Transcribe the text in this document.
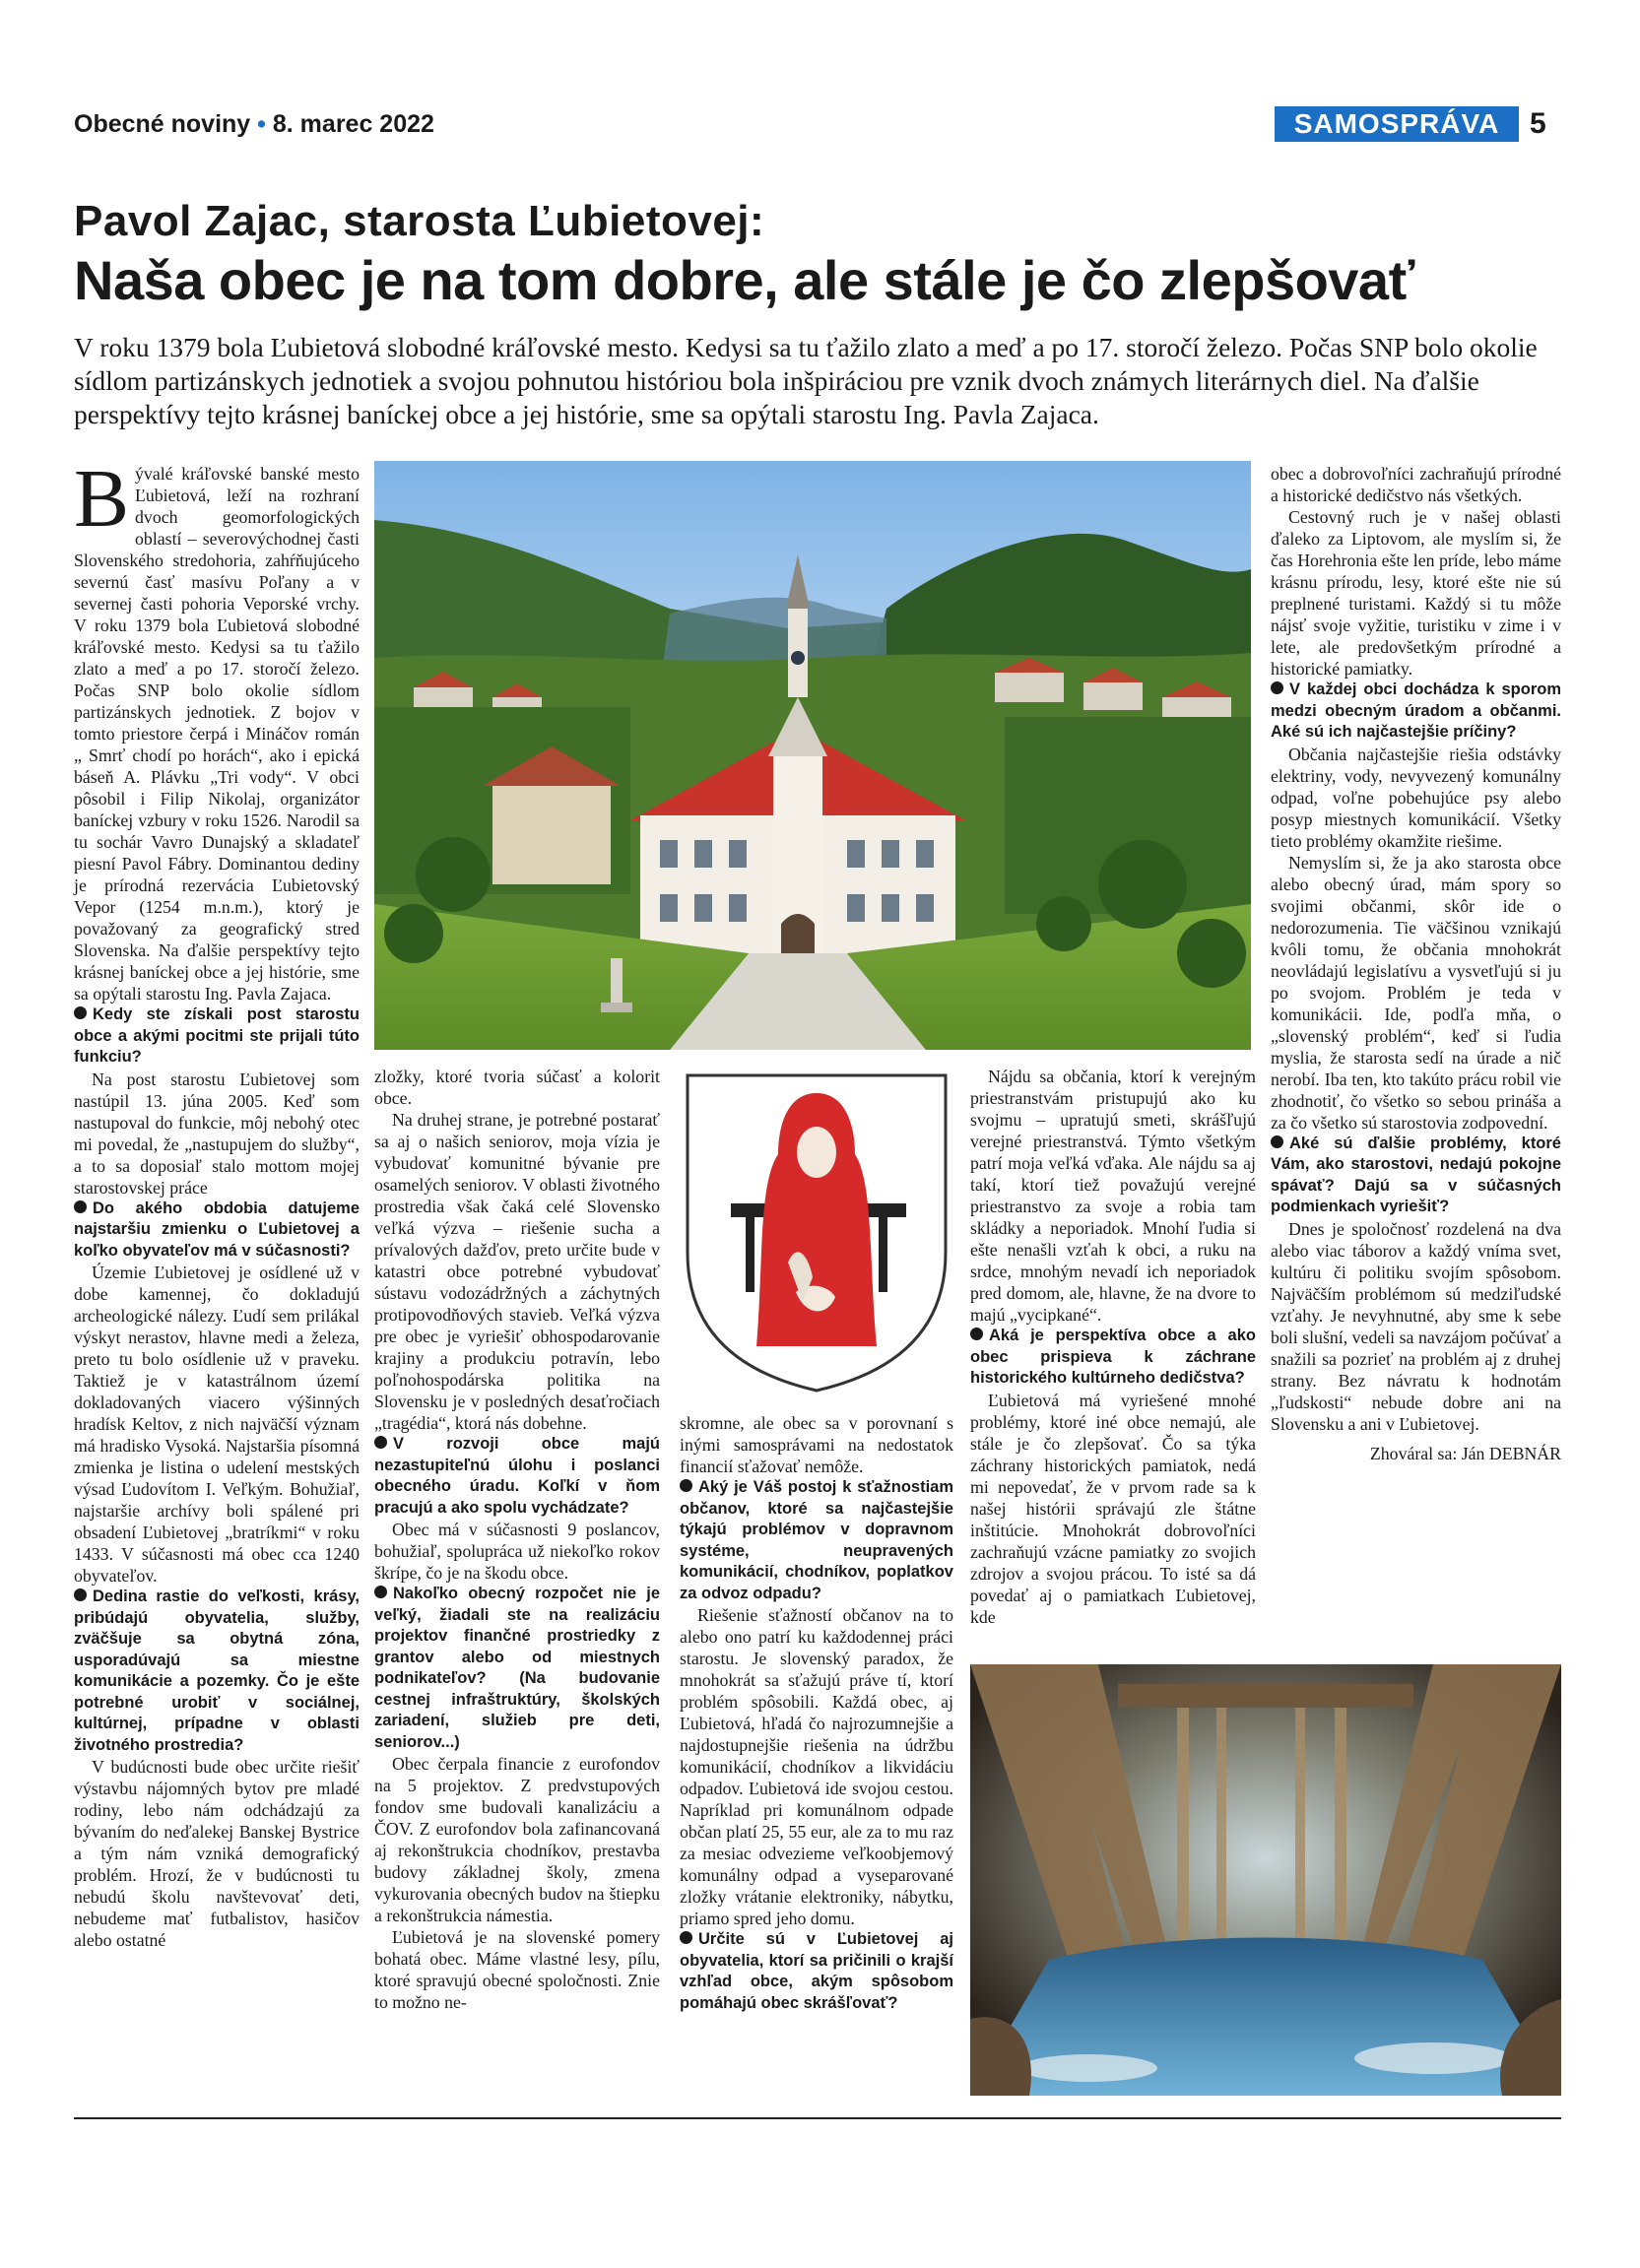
Obecné noviny • 8. marec 2022	SAMOSPRÁVA	5
Pavol Zajac, starosta Ľubietovej:
Naša obec je na tom dobre, ale stále je čo zlepšovať
V roku 1379 bola Ľubietová slobodné kráľovské mesto. Kedysi sa tu ťažilo zlato a meď a po 17. storočí železo. Počas SNP bolo okolie sídlom partizánskych jednotiek a svojou pohnutou históriou bola inšpiráciou pre vznik dvoch známych literárnych diel. Na ďalšie perspektívy tejto krásnej baníckej obce a jej histórie, sme sa opýtali starostu Ing. Pavla Zajaca.

Bývalé kráľovské banské mesto Ľubietová, leží na rozhraní dvoch geomorfologických oblastí – severovýchodnej časti Slovenského stredohoria, zahŕňujúceho severnú časť masívu Poľany a v severnej časti pohoria Veporské vrchy. V roku 1379 bola Ľubietová slobodné kráľovské mesto. Kedysi sa tu ťažilo zlato a meď a po 17. storočí železo. Počas SNP bolo okolie sídlom partizánskych jednotiek. Z bojov v tomto priestore čerpá i Mináčov román „ Smrť chodí po horách“, ako i epická báseň A. Plávku „Tri vody“. V obci pôsobil i Filip Nikolaj, organizátor baníckej vzbury v roku 1526. Narodil sa tu sochár Vavro Dunajský a skladateľ piesní Pavol Fábry. Dominantou dediny je prírodná rezervácia Ľubietovský Vepor (1254 m.n.m.), ktorý je považovaný za geografický stred Slovenska. Na ďalšie perspektívy tejto krásnej baníckej obce a jej histórie, sme sa opýtali starostu Ing. Pavla Zajaca.

Kedy ste získali post starostu obce a akými pocitmi ste prijali túto funkciu?

Na post starostu Ľubietovej som nastúpil 13. júna 2005. Keď som nastupoval do funkcie, môj nebohý otec mi povedal, že „nastupujem do služby“, a to sa doposiaľ stalo mottom mojej starostovskej práce

Do akého obdobia datujeme najstaršiu zmienku o Ľubietovej a koľko obyvateľov má v súčasnosti?

Územie Ľubietovej je osídlené už v dobe kamennej, čo dokladujú archeologické nálezy. Ľudí sem prilákal výskyt nerastov, hlavne medi a železa, preto tu bolo osídlenie už v praveku. Taktiež je v katastrálnom území dokladovaných viacero výšinných hradísk Keltov, z nich najväčší význam má hradisko Vysoká. Najstaršia písomná zmienka je listina o udelení mestských výsad Ľudovítom I. Veľkým. Bohužiaľ, najstaršie archívy boli spálené pri obsadení Ľubietovej „bratríkmi“ v roku 1433. V súčasnosti má obec cca 1240 obyvateľov.

Dedina rastie do veľkosti, krásy, pribúdajú obyvatelia, služby, zväčšuje sa obytná zóna, usporadúvajú sa miestne komunikácie a pozemky. Čo je ešte potrebné urobiť v sociálnej, kultúrnej, prípadne v oblasti životného prostredia?

V budúcnosti bude obec určite riešiť výstavbu nájomných bytov pre mladé rodiny, lebo nám odchádzajú za bývaním do neďalekej Banskej Bystrice a tým nám vzniká demografický problém. Hrozí, že v budúcnosti tu nebudú školu navštevovať deti, nebudeme mať futbalistov, hasičov alebo ostatné

zložky, ktoré tvoria súčasť a kolorit obce.

Na druhej strane, je potrebné postarať sa aj o našich seniorov, moja vízia je vybudovať komunitné bývanie pre osamelých seniorov. V oblasti životného prostredia však čaká celé Slovensko veľká výzva – riešenie sucha a prívalových dažďov, preto určite bude v katastri obce potrebné vybudovať sústavu vodozádržných a záchytných protipovodňových stavieb. Veľká výzva pre obec je vyriešiť obhospodarovanie krajiny a produkciu potravín, lebo poľnohospodárska politika na Slovensku je v posledných desaťročiach „tragédia“, ktorá nás dobehne.

V rozvoji obce majú nezastupiteľnú úlohu i poslanci obecného úradu. Koľkí v ňom pracujú a ako spolu vychádzate?

Obec má v súčasnosti 9 poslancov, bohužiaľ, spolupráca už niekoľko rokov škrípe, čo je na škodu obce.

Nakoľko obecný rozpočet nie je veľký, žiadali ste na realizáciu projektov finančné prostriedky z grantov alebo od miestnych podnikateľov? (Na budovanie cestnej infraštruktúry, školských zariadení, služieb pre deti, seniorov...)

Obec čerpala financie z eurofondov na 5 projektov. Z predvstupových fondov sme budovali kanalizáciu a ČOV. Z eurofondov bola zafinancovaná aj rekonštrukcia chodníkov, prestavba budovy základnej školy, zmena vykurovania obecných budov na štiepku a rekonštrukcia námestia.

Ľubietová je na slovenské pomery bohatá obec. Máme vlastné lesy, pílu, ktoré spravujú obecné spoločnosti. Znie to možno ne-

skromne, ale obec sa v porovnaní s inými samosprávami na nedostatok financií sťažovať nemôže.

Aký je Váš postoj k sťažnostiam občanov, ktoré sa najčastejšie týkajú problémov v dopravnom systéme, neupravených komunikácií, chodníkov, poplatkov za odvoz odpadu?

Riešenie sťažností občanov na to alebo ono patrí ku každodennej práci starostu. Je slovenský paradox, že mnohokrát sa sťažujú práve tí, ktorí problém spôsobili. Každá obec, aj Ľubietová, hľadá čo najrozumnejšie a najdostupnejšie riešenia na údržbu komunikácií, chodníkov a likvidáciu odpadov. Ľubietová ide svojou cestou. Napríklad pri komunálnom odpade občan platí 25, 55 eur, ale za to mu raz za mesiac odvezieme veľkoobjemový komunálny odpad a vyseparované zložky vrátanie elektroniky, nábytku, priamo spred jeho domu.

Určite sú v Ľubietovej aj obyvatelia, ktorí sa pričinili o krajší vzhľad obce, akým spôsobom pomáhajú obec skrášľovať?

Nájdu sa občania, ktorí k verejným priestranstvám pristupujú ako ku svojmu – upratujú smeti, skrášľujú verejné priestranstvá. Týmto všetkým patrí moja veľká vďaka. Ale nájdu sa aj takí, ktorí tiež považujú verejné priestranstvo za svoje a robia tam skládky a neporiadok. Mnohí ľudia si ešte nenašli vzťah k obci, a ruku na srdce, mnohým nevadí ich neporiadok pred domom, ale, hlavne, že na dvore to majú „vycipkané“.

Aká je perspektíva obce a ako obec prispieva k záchrane historického kultúrneho dedičstva?

Ľubietová má vyriešené mnohé problémy, ktoré iné obce nemajú, ale stále je čo zlepšovať. Čo sa týka záchrany historických pamiatok, nedá mi nepovedať, že v prvom rade sa k našej histórii správajú zle štátne inštitúcie. Mnohokrát dobrovoľníci zachraňujú vzácne pamiatky zo svojich zdrojov a svojou prácou. To isté sa dá povedať aj o pamiatkach Ľubietovej, kde

obec a dobrovoľníci zachraňujú prírodné a historické dedičstvo nás všetkých.

Cestovný ruch je v našej oblasti ďaleko za Liptovom, ale myslím si, že čas Horehronia ešte len príde, lebo máme krásnu prírodu, lesy, ktoré ešte nie sú preplnené turistami. Každý si tu môže nájsť svoje vyžitie, turistiku v zime i v lete, ale predovšetkým prírodné a historické pamiatky.

V každej obci dochádza k sporom medzi obecným úradom a občanmi. Aké sú ich najčastejšie príčiny?

Občania najčastejšie riešia odstávky elektriny, vody, nevyvezený komunálny odpad, voľne pobehujúce psy alebo posyp miestnych komunikácií. Všetky tieto problémy okamžite riešime.

Nemyslím si, že ja ako starosta obce alebo obecný úrad, mám spory so svojimi občanmi, skôr ide o nedorozumenia. Tie väčšinou vznikajú kvôli tomu, že občania mnohokrát neovládajú legislatívu a vysvetľujú si ju po svojom. Problém je teda v komunikácii. Ide, podľa mňa, o „slovenský problém“, keď si ľudia myslia, že starosta sedí na úrade a nič nerobí. Iba ten, kto takúto prácu robil vie zhodnotiť, čo všetko so sebou prináša a za čo všetko sú starostovia zodpovední.

Aké sú ďalšie problémy, ktoré Vám, ako starostovi, nedajú pokojne spávať? Dajú sa v súčasných podmienkach vyriešiť?

Dnes je spoločnosť rozdelená na dva alebo viac táborov a každý vníma svet, kultúru či politiku svojím spôsobom. Najväčším problémom sú medziľudské vzťahy. Je nevyhnutné, aby sme k sebe boli slušní, vedeli sa navzájom počúvať a snažili sa pozrieť na problém aj z druhej strany. Bez návratu k hodnotám „ľudskosti“ nebude dobre ani na Slovensku a ani v Ľubietovej.

Zhováral sa: Ján DEBNÁR
